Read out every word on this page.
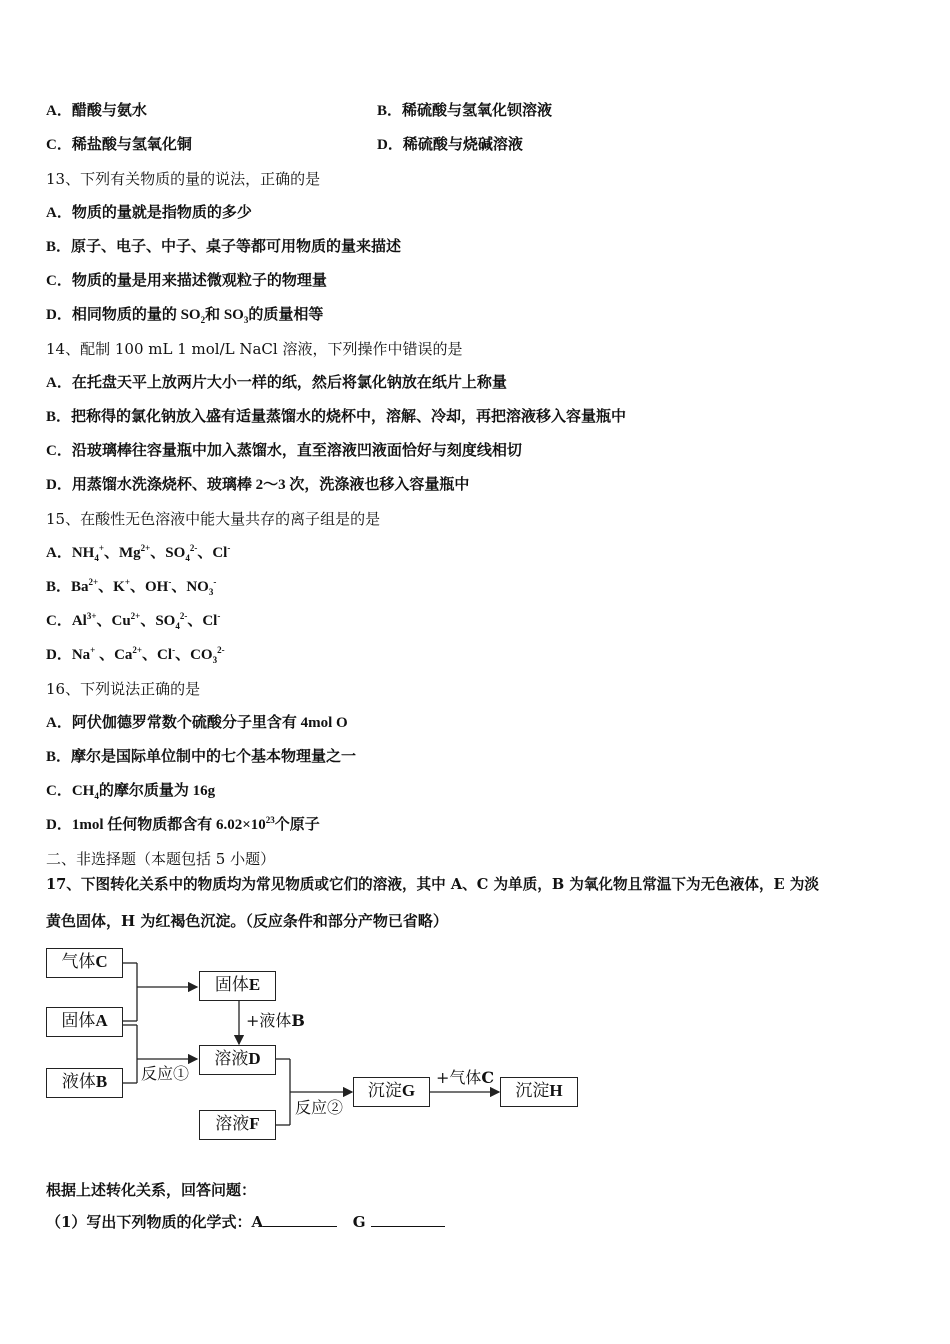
A．醋酸与氨水	B．稀硫酸与氢氧化钡溶液
C．稀盐酸与氢氧化铜	D．稀硫酸与烧碱溶液
13、下列有关物质的量的说法，正确的是
A．物质的量就是指物质的多少
B．原子、电子、中子、桌子等都可用物质的量来描述
C．物质的量是用来描述微观粒子的物理量
D．相同物质的量的 $SO_2$和 $SO_3$的质量相等
14、配制 100 mL 1 mol/L NaCl 溶液，下列操作中错误的是
A．在托盘天平上放两片大小一样的纸，然后将氯化钠放在纸片上称量
B．把称得的氯化钠放入盛有适量蒸馏水的烧杯中，溶解、冷却，再把溶液移入容量瓶中
C．沿玻璃棒往容量瓶中加入蒸馏水，直至溶液凹液面恰好与刻度线相切
D．用蒸馏水洗涤烧杯、玻璃棒 2～3 次，洗涤液也移入容量瓶中
15、在酸性无色溶液中能大量共存的离子组是的是
A．$NH_4^+$、$Mg^{2+}$、$SO_4^{2-}$、Cl-
B．$Ba^{2+}$、K+、OH-、$NO_3^-$
C．$Al^{3+}$、$Cu^{2+}$、$SO_4^{2-}$、Cl-
D．Na+ 、$Ca^{2+}$、Cl-、$CO_3^{2-}$
16、下列说法正确的是
A．阿伏伽德罗常数个硫酸分子里含有 4mol O
B．摩尔是国际单位制中的七个基本物理量之一
C．$CH_4$的摩尔质量为 16g
D．1mol 任何物质都含有 $6.02\times 10^{23}$个原子
二、非选择题（本题包括 5 小题）
17、下图转化关系中的物质均为常见物质或它们的溶液，其中 A、C 为单质，B 为氧化物且常温下为无色液体，E 为淡
黄色固体，H 为红褐色沉淀。（反应条件和部分产物已省略）
气体C
固体A
液体B
固体E
溶液D
溶液F
沉淀G	沉淀H
+液体B
反应①
反应②
+气体C
根据上述转化关系，回答问题：
（1）写出下列物质的化学式：A	G
